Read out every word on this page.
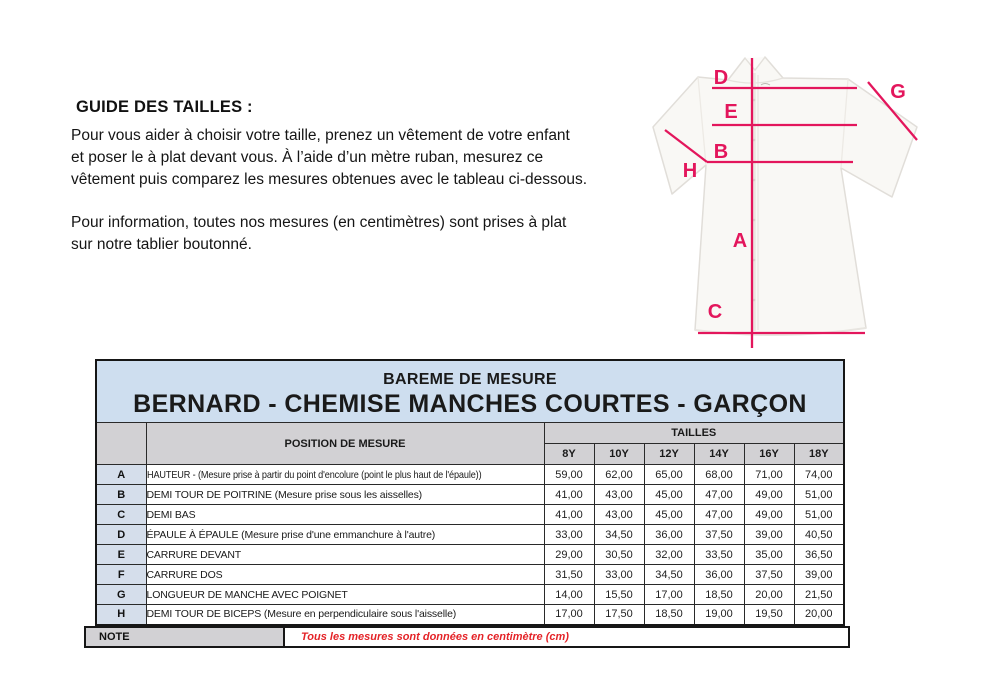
GUIDE DES TAILLES :
Pour vous aider à choisir votre taille, prenez un vêtement de votre enfant
et poser le à plat devant vous. À l’aide d’un mètre ruban, mesurez ce
vêtement puis comparez les mesures obtenues avec le tableau ci-dessous.
Pour information, toutes nos mesures (en centimètres) sont prises à plat
sur notre tablier boutonné.
D
G
E
B
H
A
C
BAREME DE MESURE
BERNARD - CHEMISE MANCHES COURTES - GARÇON							

	POSITION DE MESURE	TAILLES					
		8Y	10Y	12Y	14Y	16Y	18Y
A	HAUTEUR - (Mesure prise à partir du point d'encolure (point le plus haut de l'épaule))	59,00	62,00	65,00	68,00	71,00	74,00
B	DEMI TOUR DE POITRINE (Mesure prise sous les aisselles)	41,00	43,00	45,00	47,00	49,00	51,00
C	DEMI BAS	41,00	43,00	45,00	47,00	49,00	51,00
D	ÉPAULE À ÉPAULE (Mesure prise d'une emmanchure à l'autre)	33,00	34,50	36,00	37,50	39,00	40,50
E	CARRURE DEVANT	29,00	30,50	32,00	33,50	35,00	36,50
F	CARRURE DOS	31,50	33,00	34,50	36,00	37,50	39,00
G	LONGUEUR DE MANCHE AVEC POIGNET	14,00	15,50	17,00	18,50	20,00	21,50
H	DEMI TOUR DE BICEPS (Mesure en perpendiculaire sous l'aisselle)	17,00	17,50	18,50	19,00	19,50	20,00
NOTE	Tous les mesures sont données en centimètre (cm)
